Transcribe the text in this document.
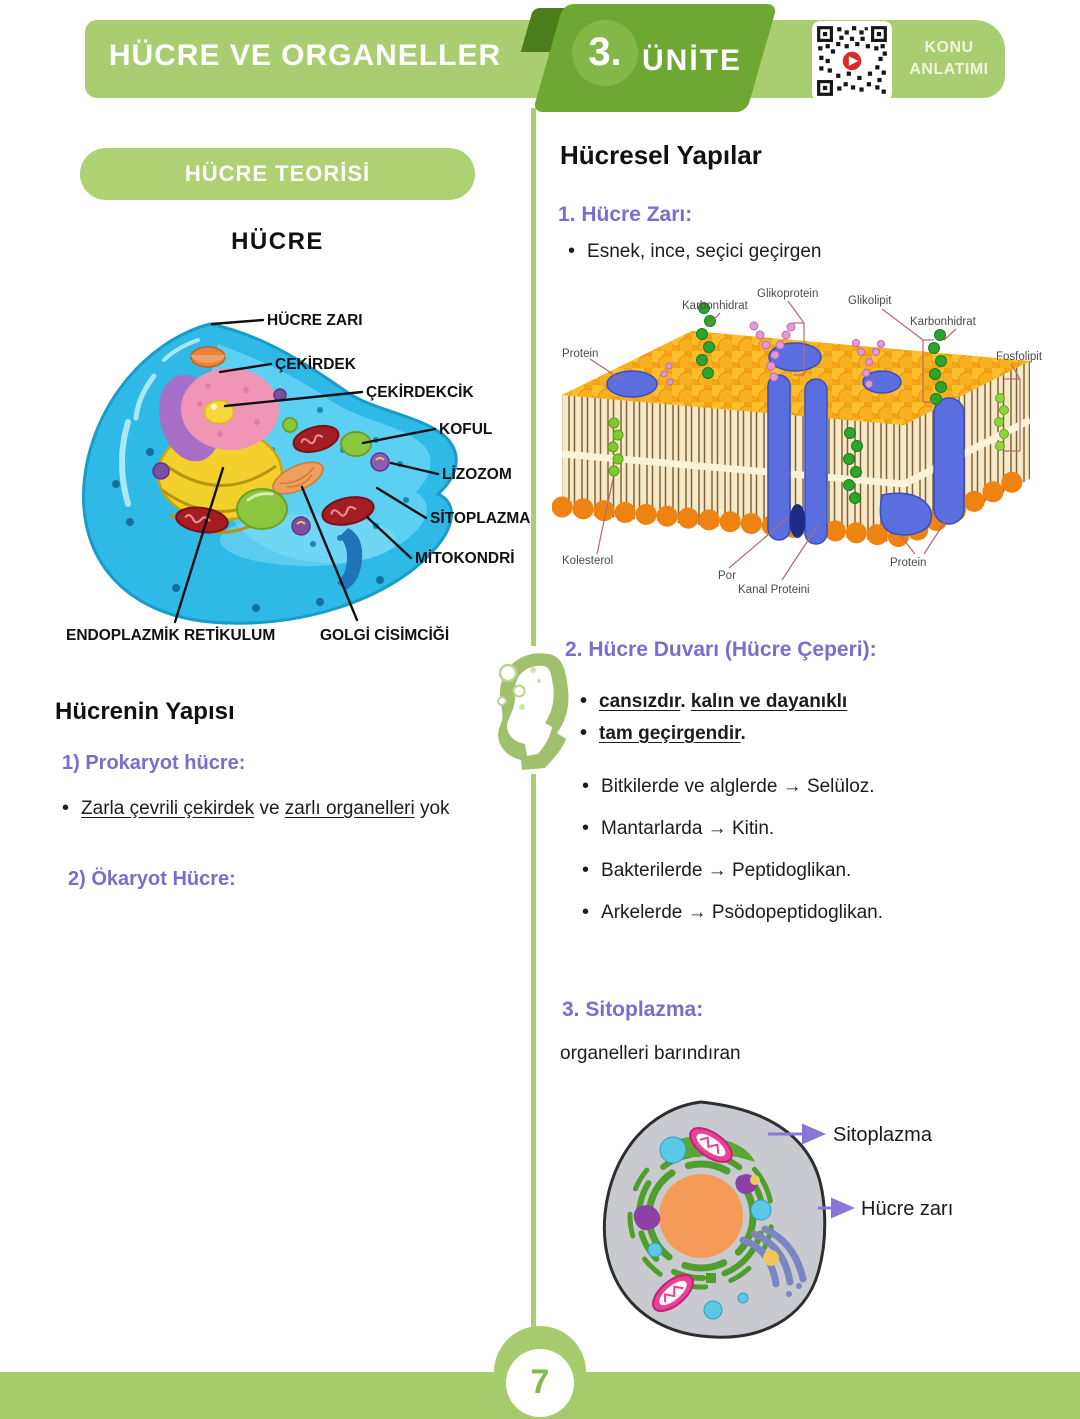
HÜCRE VE ORGANELLER	3. ÜNİTE	KONU
ANLATIMI
HÜCRE TEORİSİ
HÜCRE
HÜCRE ZARI
ÇEKİRDEK
ÇEKİRDEKCİK
KOFUL
LİZOZOM
SİTOPLAZMA
MİTOKONDRİ
ENDOPLAZMİK RETİKULUM	GOLGİ CİSİMCİĞİ
Hücrenin Yapısı
1) Prokaryot hücre:
• Zarla çevrili çekirdek ve zarlı organelleri yok
2) Ökaryot Hücre:
Hücresel Yapılar
1. Hücre Zarı:
• Esnek, ince, seçici geçirgen
Protein
Karbonhidrat
Glikoprotein
Glikolipit
Karbonhidrat
Fosfolipit
Kolesterol
Por
Kanal Proteini
Protein
2. Hücre Duvarı (Hücre Çeperi):
• cansızdır. kalın ve dayanıklı
• tam geçirgendir.
• Bitkilerde ve alglerde → Selüloz.
• Mantarlarda → Kitin.
• Bakterilerde → Peptidoglikan.
• Arkelerde → Psödopeptidoglikan.
3. Sitoplazma:
organelleri barındıran
Sitoplazma
Hücre zarı
7
